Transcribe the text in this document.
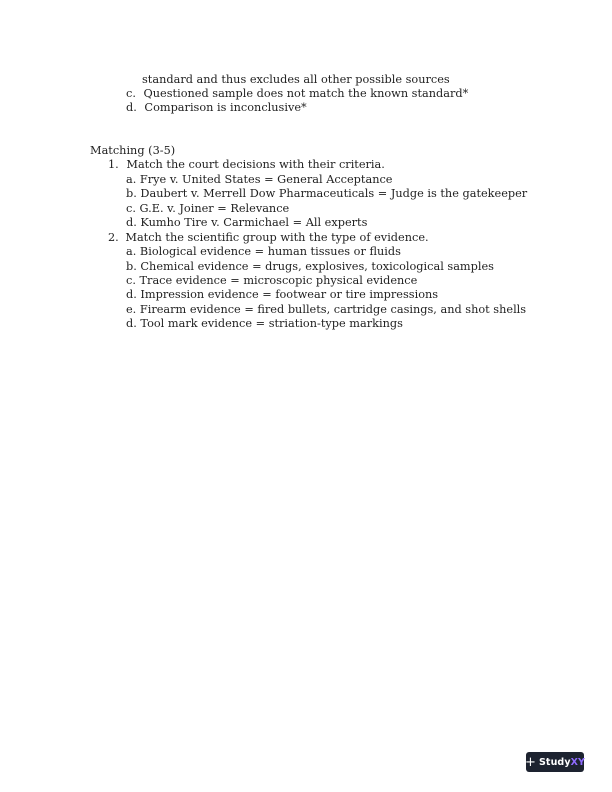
standard and thus excludes all other possible sources
c. Questioned sample does not match the known standard*
d. Comparison is inconclusive*
Matching (3-5)
1. Match the court decisions with their criteria.
a. Frye v. United States = General Acceptance
b. Daubert v. Merrell Dow Pharmaceuticals = Judge is the gatekeeper
c. G.E. v. Joiner = Relevance
d. Kumho Tire v. Carmichael = All experts
2. Match the scientific group with the type of evidence.
a. Biological evidence = human tissues or fluids
b. Chemical evidence = drugs, explosives, toxicological samples
c. Trace evidence = microscopic physical evidence
d. Impression evidence = footwear or tire impressions
e. Firearm evidence = fired bullets, cartridge casings, and shot shells
d. Tool mark evidence = striation-type markings
+ Study XY
